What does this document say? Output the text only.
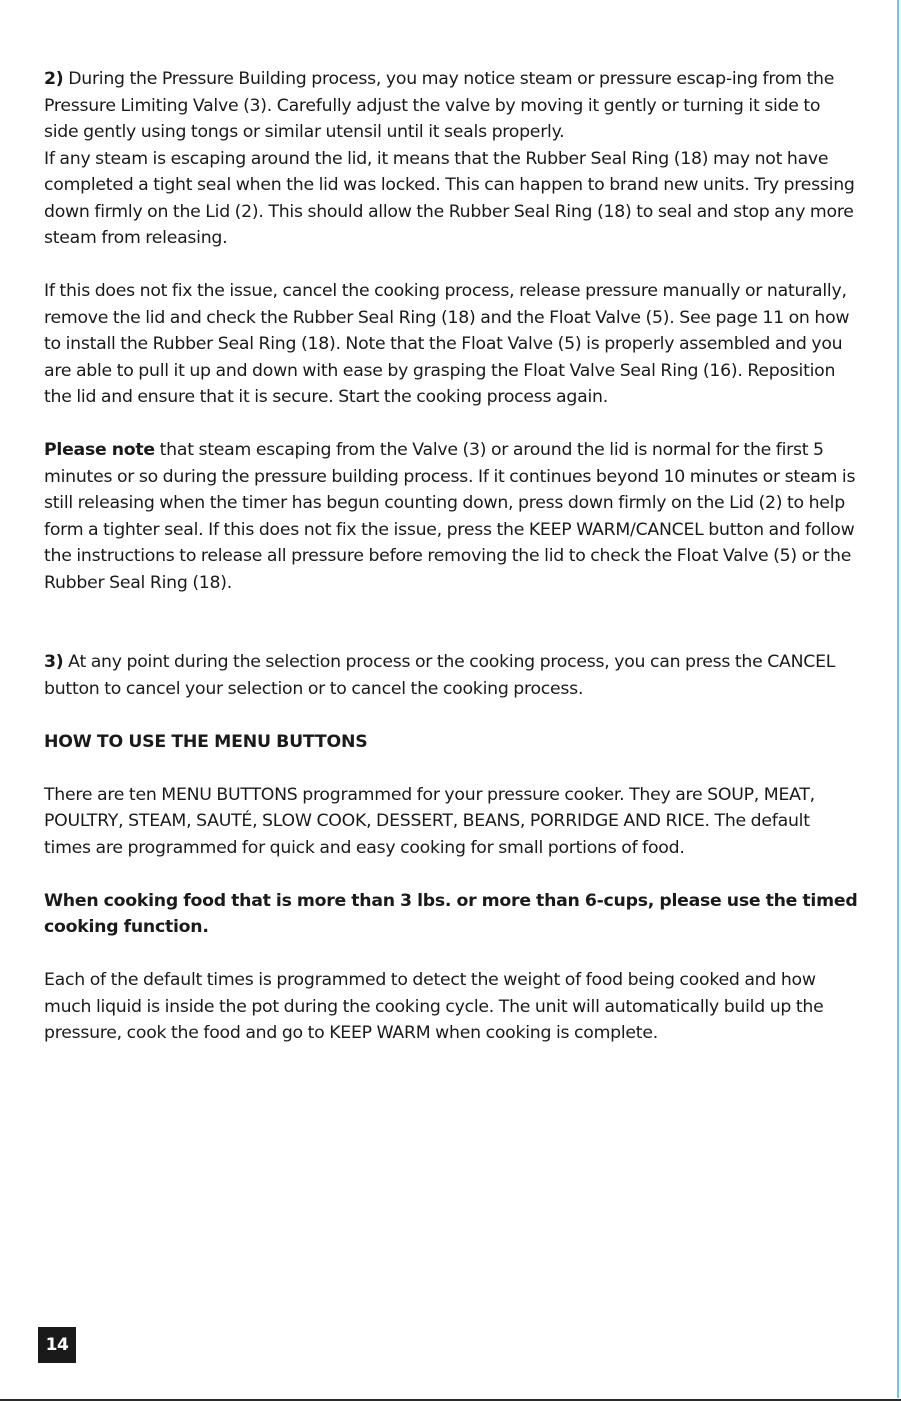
2) During the Pressure Building process, you may notice steam or pressure escap-ing from the Pressure Limiting Valve (3). Carefully adjust the valve by moving it gently or turning it side to side gently using tongs or similar utensil until it seals properly.

If any steam is escaping around the lid, it means that the Rubber Seal Ring (18) may not have completed a tight seal when the lid was locked. This can happen to brand new units. Try pressing down firmly on the Lid (2). This should allow the Rubber Seal Ring (18) to seal and stop any more steam from releasing.

If this does not fix the issue, cancel the cooking process, release pressure manually or naturally, remove the lid and check the Rubber Seal Ring (18) and the Float Valve (5). See page 11 on how to install the Rubber Seal Ring (18). Note that the Float Valve (5) is properly assembled and you are able to pull it up and down with ease by grasping the Float Valve Seal Ring (16). Reposition the lid and ensure that it is secure. Start the cooking process again.

Please note that steam escaping from the Valve (3) or around the lid is normal for the first 5 minutes or so during the pressure building process. If it continues beyond 10 minutes or steam is still releasing when the timer has begun counting down, press down firmly on the Lid (2) to help form a tighter seal. If this does not fix the issue, press the KEEP WARM/CANCEL button and follow the instructions to release all pressure before removing the lid to check the Float Valve (5) or the Rubber Seal Ring (18).

3) At any point during the selection process or the cooking process, you can press the CANCEL button to cancel your selection or to cancel the cooking process.

HOW TO USE THE MENU BUTTONS

There are ten MENU BUTTONS programmed for your pressure cooker. They are SOUP, MEAT, POULTRY, STEAM, SAUTÉ, SLOW COOK, DESSERT, BEANS, PORRIDGE AND RICE. The default times are programmed for quick and easy cooking for small portions of food.

When cooking food that is more than 3 lbs. or more than 6-cups, please use the timed cooking function.

Each of the default times is programmed to detect the weight of food being cooked and how much liquid is inside the pot during the cooking cycle. The unit will automatically build up the pressure, cook the food and go to KEEP WARM when cooking is complete.

14
